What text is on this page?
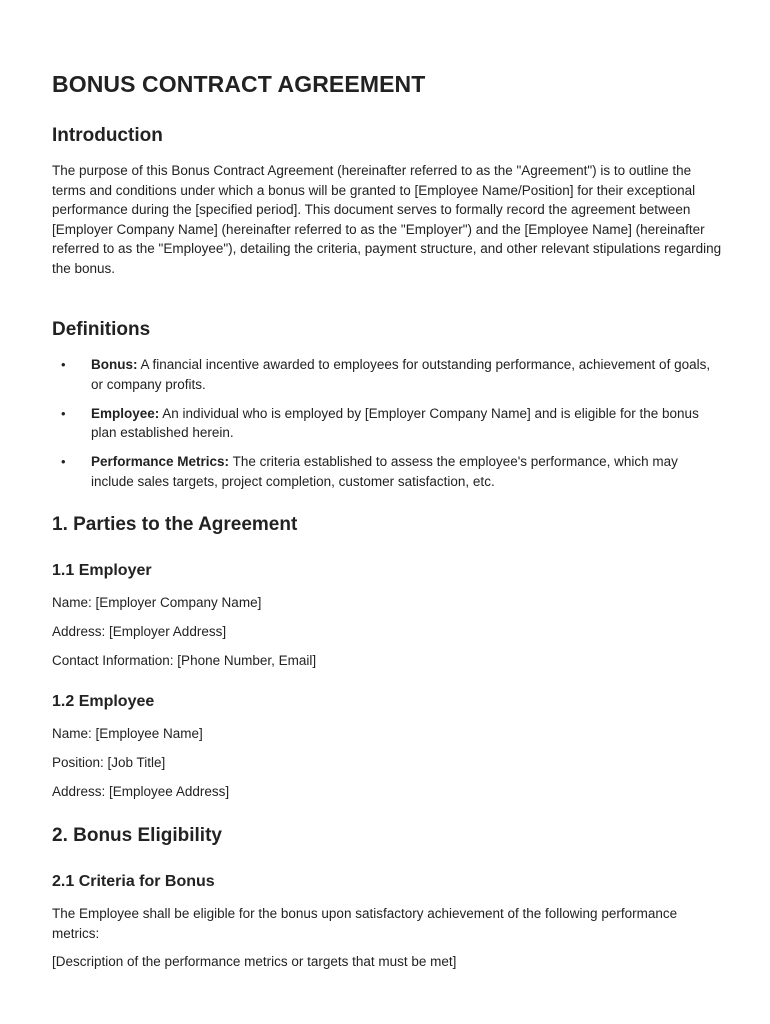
BONUS CONTRACT AGREEMENT
Introduction

The purpose of this Bonus Contract Agreement (hereinafter referred to as the "Agreement") is to outline the terms and conditions under which a bonus will be granted to [Employee Name/Position] for their exceptional performance during the [specified period]. This document serves to formally record the agreement between [Employer Company Name] (hereinafter referred to as the "Employer") and the [Employee Name] (hereinafter referred to as the "Employee"), detailing the criteria, payment structure, and other relevant stipulations regarding the bonus.

Definitions
• Bonus: A financial incentive awarded to employees for outstanding performance, achievement of goals, or company profits.
• Employee: An individual who is employed by [Employer Company Name] and is eligible for the bonus plan established herein.
• Performance Metrics: The criteria established to assess the employee's performance, which may include sales targets, project completion, customer satisfaction, etc.
1. Parties to the Agreement
1.1 Employer

Name: [Employer Company Name]

Address: [Employer Address]

Contact Information: [Phone Number, Email]

1.2 Employee

Name: [Employee Name]

Position: [Job Title]

Address: [Employee Address]

2. Bonus Eligibility
2.1 Criteria for Bonus

The Employee shall be eligible for the bonus upon satisfactory achievement of the following performance metrics:

[Description of the performance metrics or targets that must be met]
